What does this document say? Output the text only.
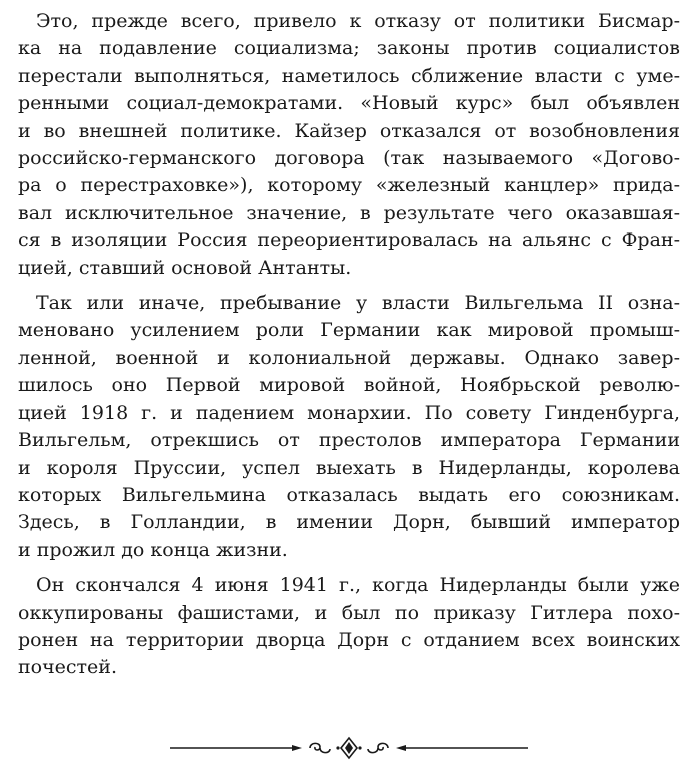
Это, прежде всего, привело к отказу от политики Бисмар-
ка на подавление социализма; законы против социалистов
перестали выполняться, наметилось сближение власти с уме-
ренными социал-демократами. «Новый курс» был объявлен
и во внешней политике. Кайзер отказался от возобновления
российско-германского договора (так называемого «Догово-
ра о перестраховке»), которому «железный канцлер» прида-
вал исключительное значение, в результате чего оказавшая-
ся в изоляции Россия переориентировалась на альянс с Фран-
цией, ставший основой Антанты.
Так или иначе, пребывание у власти Вильгельма II озна-
меновано усилением роли Германии как мировой промыш-
ленной, военной и колониальной державы. Однако завер-
шилось оно Первой мировой войной, Ноябрьской револю-
цией 1918 г. и падением монархии. По совету Гинденбурга,
Вильгельм, отрекшись от престолов императора Германии
и короля Пруссии, успел выехать в Нидерланды, королева
которых Вильгельмина отказалась выдать его союзникам.
Здесь, в Голландии, в имении Дорн, бывший император
и прожил до конца жизни.
Он скончался 4 июня 1941 г., когда Нидерланды были уже
оккупированы фашистами, и был по приказу Гитлера похо-
ронен на территории дворца Дорн с отданием всех воинских
почестей.
